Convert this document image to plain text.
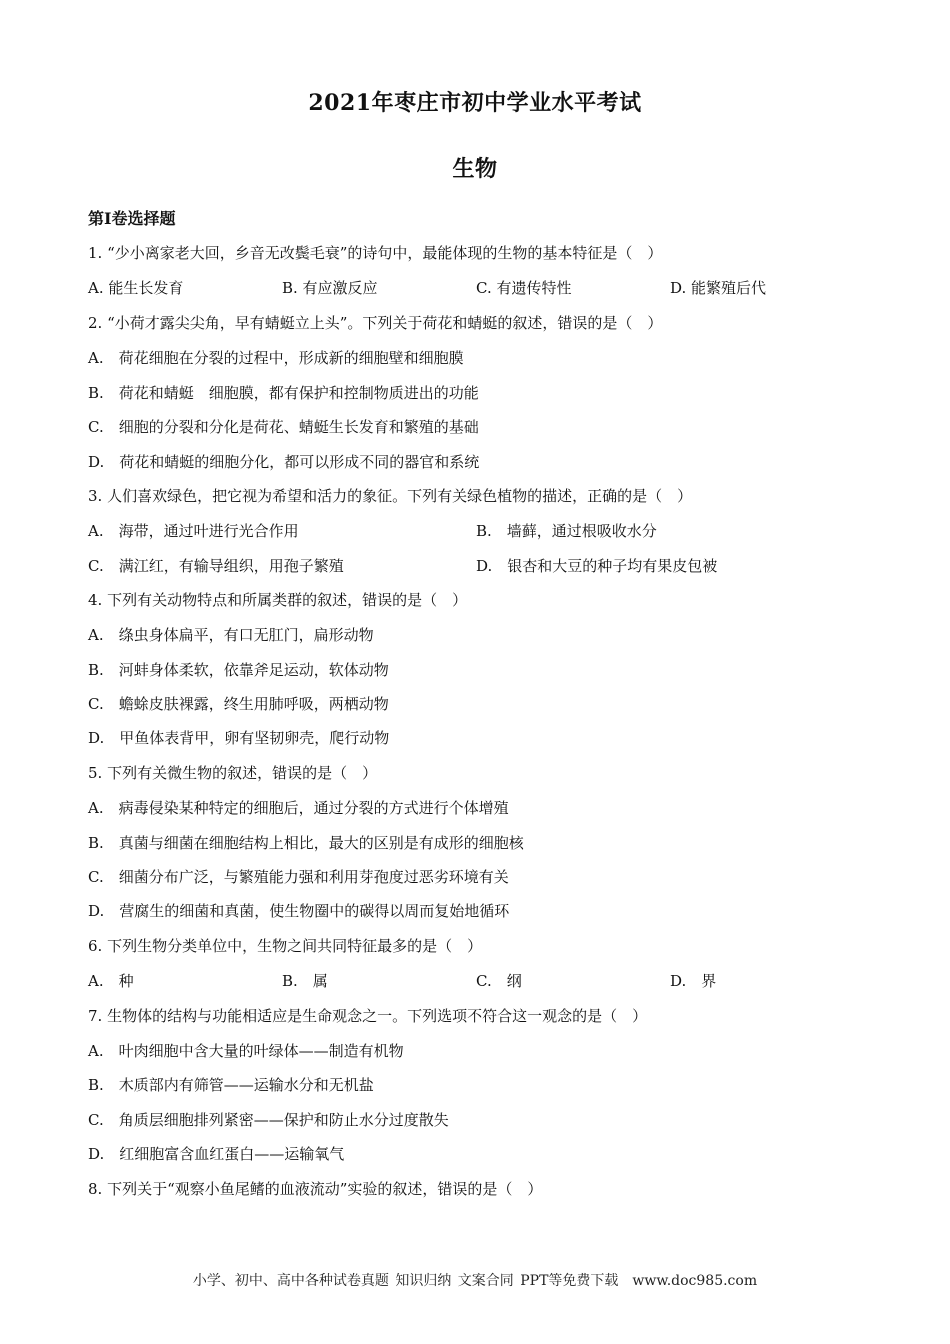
2021年枣庄市初中学业水平考试
生物
第Ⅰ卷选择题
1. “少小离家老大回，乡音无改鬓毛衰”的诗句中，最能体现的生物的基本特征是（　）
A. 能生长发育	B. 有应激反应	C. 有遗传特性	D. 能繁殖后代
2. “小荷才露尖尖角，早有蜻蜓立上头”。下列关于荷花和蜻蜓的叙述，错误的是（　）
A.　荷花细胞在分裂的过程中，形成新的细胞壁和细胞膜
B.　荷花和蜻蜓　细胞膜，都有保护和控制物质进出的功能
C.　细胞的分裂和分化是荷花、蜻蜓生长发育和繁殖的基础
D.　荷花和蜻蜓的细胞分化，都可以形成不同的器官和系统
3. 人们喜欢绿色，把它视为希望和活力的象征。下列有关绿色植物的描述，正确的是（　）
A.　海带，通过叶进行光合作用	B.　墙藓，通过根吸收水分
C.　满江红，有输导组织，用孢子繁殖	D.　银杏和大豆的种子均有果皮包被
4. 下列有关动物特点和所属类群的叙述，错误的是（　）
A.　绦虫身体扁平，有口无肛门，扁形动物
B.　河蚌身体柔软，依靠斧足运动，软体动物
C.　蟾蜍皮肤裸露，终生用肺呼吸，两栖动物
D.　甲鱼体表背甲，卵有坚韧卵壳，爬行动物
5. 下列有关微生物的叙述，错误的是（　）
A.　病毒侵染某种特定的细胞后，通过分裂的方式进行个体增殖
B.　真菌与细菌在细胞结构上相比，最大的区别是有成形的细胞核
C.　细菌分布广泛，与繁殖能力强和利用芽孢度过恶劣环境有关
D.　营腐生的细菌和真菌，使生物圈中的碳得以周而复始地循环
6. 下列生物分类单位中，生物之间共同特征最多的是（　）
A.　种	B.　属	C.　纲	D.　界
7. 生物体的结构与功能相适应是生命观念之一。下列选项不符合这一观念的是（　）
A.　叶肉细胞中含大量的叶绿体——制造有机物
B.　木质部内有筛管——运输水分和无机盐
C.　角质层细胞排列紧密——保护和防止水分过度散失
D.　红细胞富含血红蛋白——运输氧气
8. 下列关于“观察小鱼尾鳍的血液流动”实验的叙述，错误的是（　）
小学、初中、高中各种试卷真题 知识归纳 文案合同 PPT等免费下载　www.doc985.com
